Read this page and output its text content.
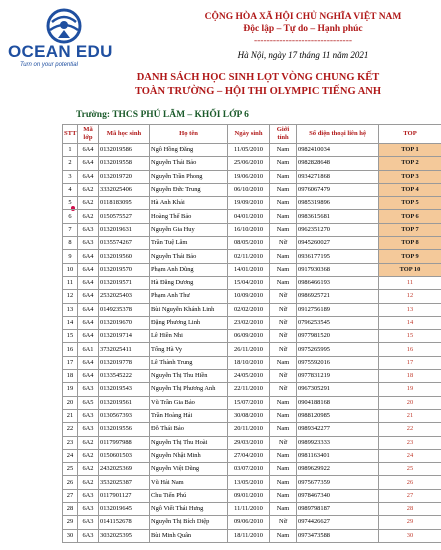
OCEAN EDU
Turn on your potential
CỘNG HÒA XÃ HỘI CHỦ NGHĨA VIỆT NAM
Độc lập – Tự do – Hạnh phúc
-------------------------------
Hà Nội, ngày 17 tháng 11 năm 2021
DANH SÁCH HỌC SINH LỌT VÒNG CHUNG KẾT
TOÀN TRƯỜNG – HỘI THI OLYMPIC TIẾNG ANH
Trường: THCS PHÚ LÃM – KHỐI LỚP 6
STT	Mã lớp	Mã học sinh	Họ tên	Ngày sinh	Giới tính	Số điện thoại liên hệ	TOP
1	6A4	0132019586	Ngô Hồng Đăng	11/05/2010	Nam	0982410034	TOP 1
2	6A4	0132019558	Nguyễn Thái Bảo	25/06/2010	Nam	0982828648	TOP 2
3	6A4	0132019720	Nguyễn Trần Phong	19/06/2010	Nam	0934271868	TOP 3
4	6A2	3332025406	Nguyễn Đức Trung	06/10/2010	Nam	0976067479	TOP 4
5	6A2	0118183095	Hà Anh Khải	19/09/2010	Nam	0985319896	TOP 5
6	6A2	0150575527	Hoàng Thế Bảo	04/01/2010	Nam	0983615681	TOP 6
7	6A3	0132019631	Nguyễn Gia Huy	16/10/2010	Nam	0962351270	TOP 7
8	6A3	0135574267	Trần Tuệ Lâm	08/05/2010	Nữ	0945260027	TOP 8
9	6A4	0132019560	Nguyễn Thái Bảo	02/11/2010	Nam	0936177195	TOP 9
10	6A4	0132019570	Phạm Anh Dũng	14/01/2010	Nam	0917930368	TOP 10
11	6A4	0132019571	Hà Đăng Dương	15/04/2010	Nam	0986466193	11
12	6A4	2532025403	Phạm Anh Thư	10/09/2010	Nữ	0986925721	12
13	6A4	0149235378	Bùi Nguyễn Khánh Linh	02/02/2010	Nữ	0912756189	13
14	6A4	0132019670	Đặng Phương Linh	23/02/2010	Nữ	0796253545	14
15	6A4	0132019714	Lê Hiền Nhi	06/09/2010	Nữ	0977981520	15
16	6A1	3732025411	Tống Hà Vy	26/11/2010	Nữ	0975265995	16
17	6A4	0132019778	Lê Thành Trung	18/10/2010	Nam	0975592016	17
18	6A4	0133545222	Nguyễn Thị Thu Hiền	24/05/2010	Nữ	0977831219	18
19	6A3	0132019543	Nguyễn Thị Phương Anh	22/11/2010	Nữ	0967305291	19
20	6A5	0132019561	Vũ Trần Gia Bảo	15/07/2010	Nam	0904188168	20
21	6A3	0130567393	Trần Hoàng Hải	30/08/2010	Nam	0988120985	21
22	6A3	0132019556	Đỗ Thái Bảo	20/11/2010	Nam	0989342277	22
23	6A2	0117997988	Nguyễn Thị Thu Hoài	29/03/2010	Nữ	0989923333	23
24	6A2	0150601503	Nguyễn Nhật Minh	27/04/2010	Nam	0981163401	24
25	6A2	2432025369	Nguyễn Việt Dũng	03/07/2010	Nam	0989629922	25
26	6A2	3532025387	Vũ Hải Nam	13/05/2010	Nam	0975677359	26
27	6A3	0117901127	Chu Tiến Phú	09/01/2010	Nam	0978467340	27
28	6A3	0132019645	Ngô Viết Thái Hưng	11/11/2010	Nam	0989798187	28
29	6A3	0141152678	Nguyễn Thị Bích Diệp	09/06/2010	Nữ	0974426627	29
30	6A3	3032025395	Bùi Minh Quân	18/11/2010	Nam	0973473588	30
